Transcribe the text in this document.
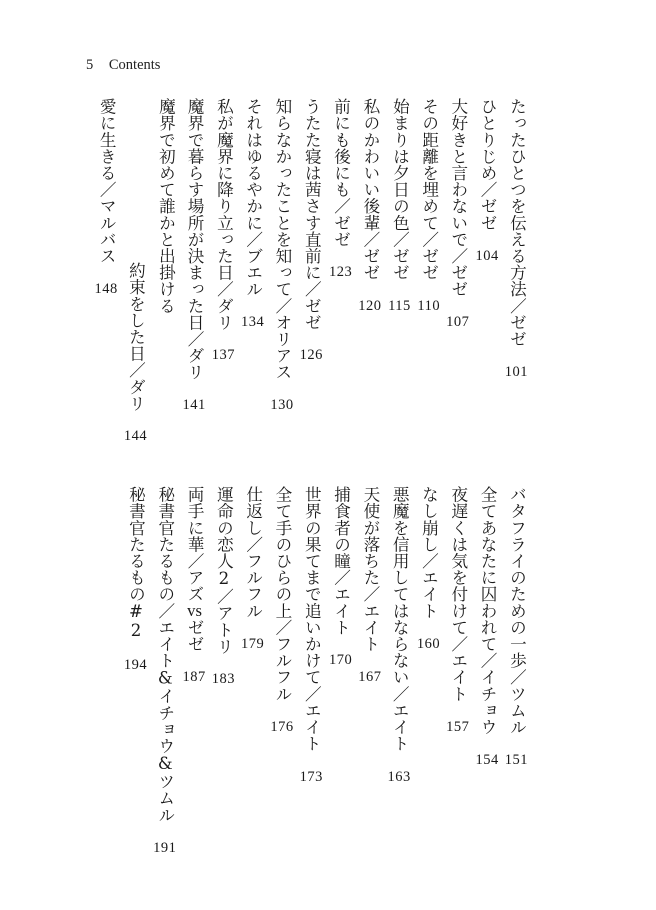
5 Contents
たったひとつを伝える方法／ゼゼ101
ひとりじめ／ゼゼ104
大好きと言わないで／ゼゼ107
その距離を埋めて／ゼゼ110
始まりは夕日の色／ゼゼ115
私のかわいい後輩／ゼゼ120
前にも後にも／ゼゼ123
うたた寝は茜さす直前に／ゼゼ126
知らなかったことを知って／オリアス130
それはゆるやかに／ブエル134
私が魔界に降り立った日／ダリ137
魔界で暮らす場所が決まった日／ダリ141
魔界で初めて誰かと出掛ける
約束をした日／ダリ144
愛に生きる／マルバス148
バタフライのための一歩／ツムル151
全てあなたに囚われて／イチョウ154
夜遅くは気を付けて／エイト157
なし崩し／エイト160
悪魔を信用してはならない／エイト163
天使が落ちた／エイト167
捕食者の瞳／エイト170
世界の果てまで追いかけて／エイト173
全て手のひらの上／フルフル176
仕返し／フルフル179
運命の恋人2／アトリ183
両手に華／アズvsゼゼ187
秘書官たるもの／エイト&イチョウ&ツムル191
秘書官たるもの#2194
